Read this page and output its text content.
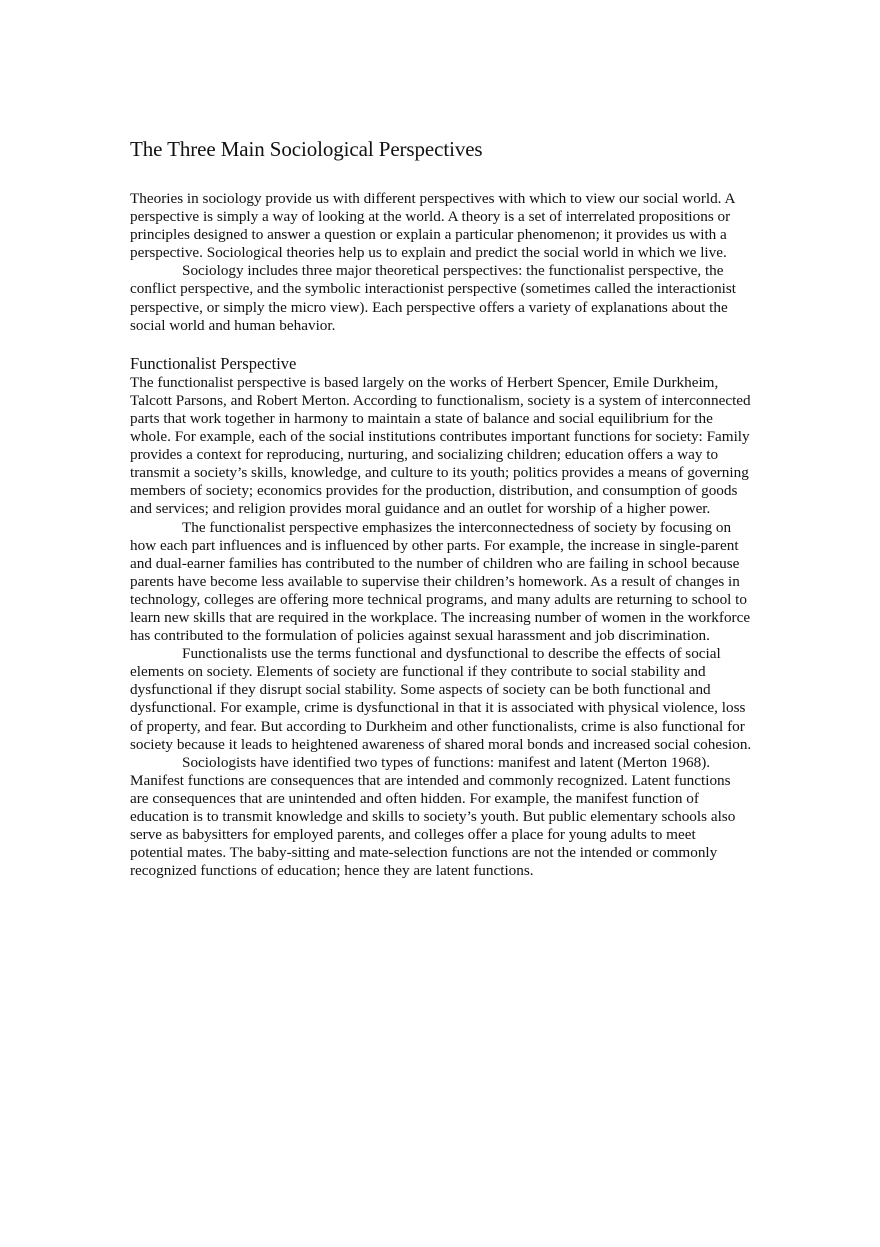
The Three Main Sociological Perspectives

Theories in sociology provide us with different perspectives with which to view our social world. A perspective is simply a way of looking at the world. A theory is a set of interrelated propositions or principles designed to answer a question or explain a particular phenomenon; it provides us with a perspective. Sociological theories help us to explain and predict the social world in which we live.

Sociology includes three major theoretical perspectives: the functionalist perspective, the conflict perspective, and the symbolic interactionist perspective (sometimes called the interactionist perspective, or simply the micro view). Each perspective offers a variety of explanations about the social world and human behavior.

Functionalist Perspective

The functionalist perspective is based largely on the works of Herbert Spencer, Emile Durkheim, Talcott Parsons, and Robert Merton. According to functionalism, society is a system of interconnected parts that work together in harmony to maintain a state of balance and social equilibrium for the whole. For example, each of the social institutions contributes important functions for society: Family provides a context for reproducing, nurturing, and socializing children; education offers a way to transmit a society’s skills, knowledge, and culture to its youth; politics provides a means of governing members of society; economics provides for the production, distribution, and consumption of goods and services; and religion provides moral guidance and an outlet for worship of a higher power.

The functionalist perspective emphasizes the interconnectedness of society by focusing on how each part influences and is influenced by other parts. For example, the increase in single-parent and dual-earner families has contributed to the number of children who are failing in school because parents have become less available to supervise their children’s homework. As a result of changes in technology, colleges are offering more technical programs, and many adults are returning to school to learn new skills that are required in the workplace. The increasing number of women in the workforce has contributed to the formulation of policies against sexual harassment and job discrimination.

Functionalists use the terms functional and dysfunctional to describe the effects of social elements on society. Elements of society are functional if they contribute to social stability and dysfunctional if they disrupt social stability. Some aspects of society can be both functional and dysfunctional. For example, crime is dysfunctional in that it is associated with physical violence, loss of property, and fear. But according to Durkheim and other functionalists, crime is also functional for society because it leads to heightened awareness of shared moral bonds and increased social cohesion.

Sociologists have identified two types of functions: manifest and latent (Merton 1968). Manifest functions are consequences that are intended and commonly recognized. Latent functions are consequences that are unintended and often hidden. For example, the manifest function of education is to transmit knowledge and skills to society’s youth. But public elementary schools also serve as babysitters for employed parents, and colleges offer a place for young adults to meet potential mates. The baby-sitting and mate-selection functions are not the intended or commonly recognized functions of education; hence they are latent functions.
